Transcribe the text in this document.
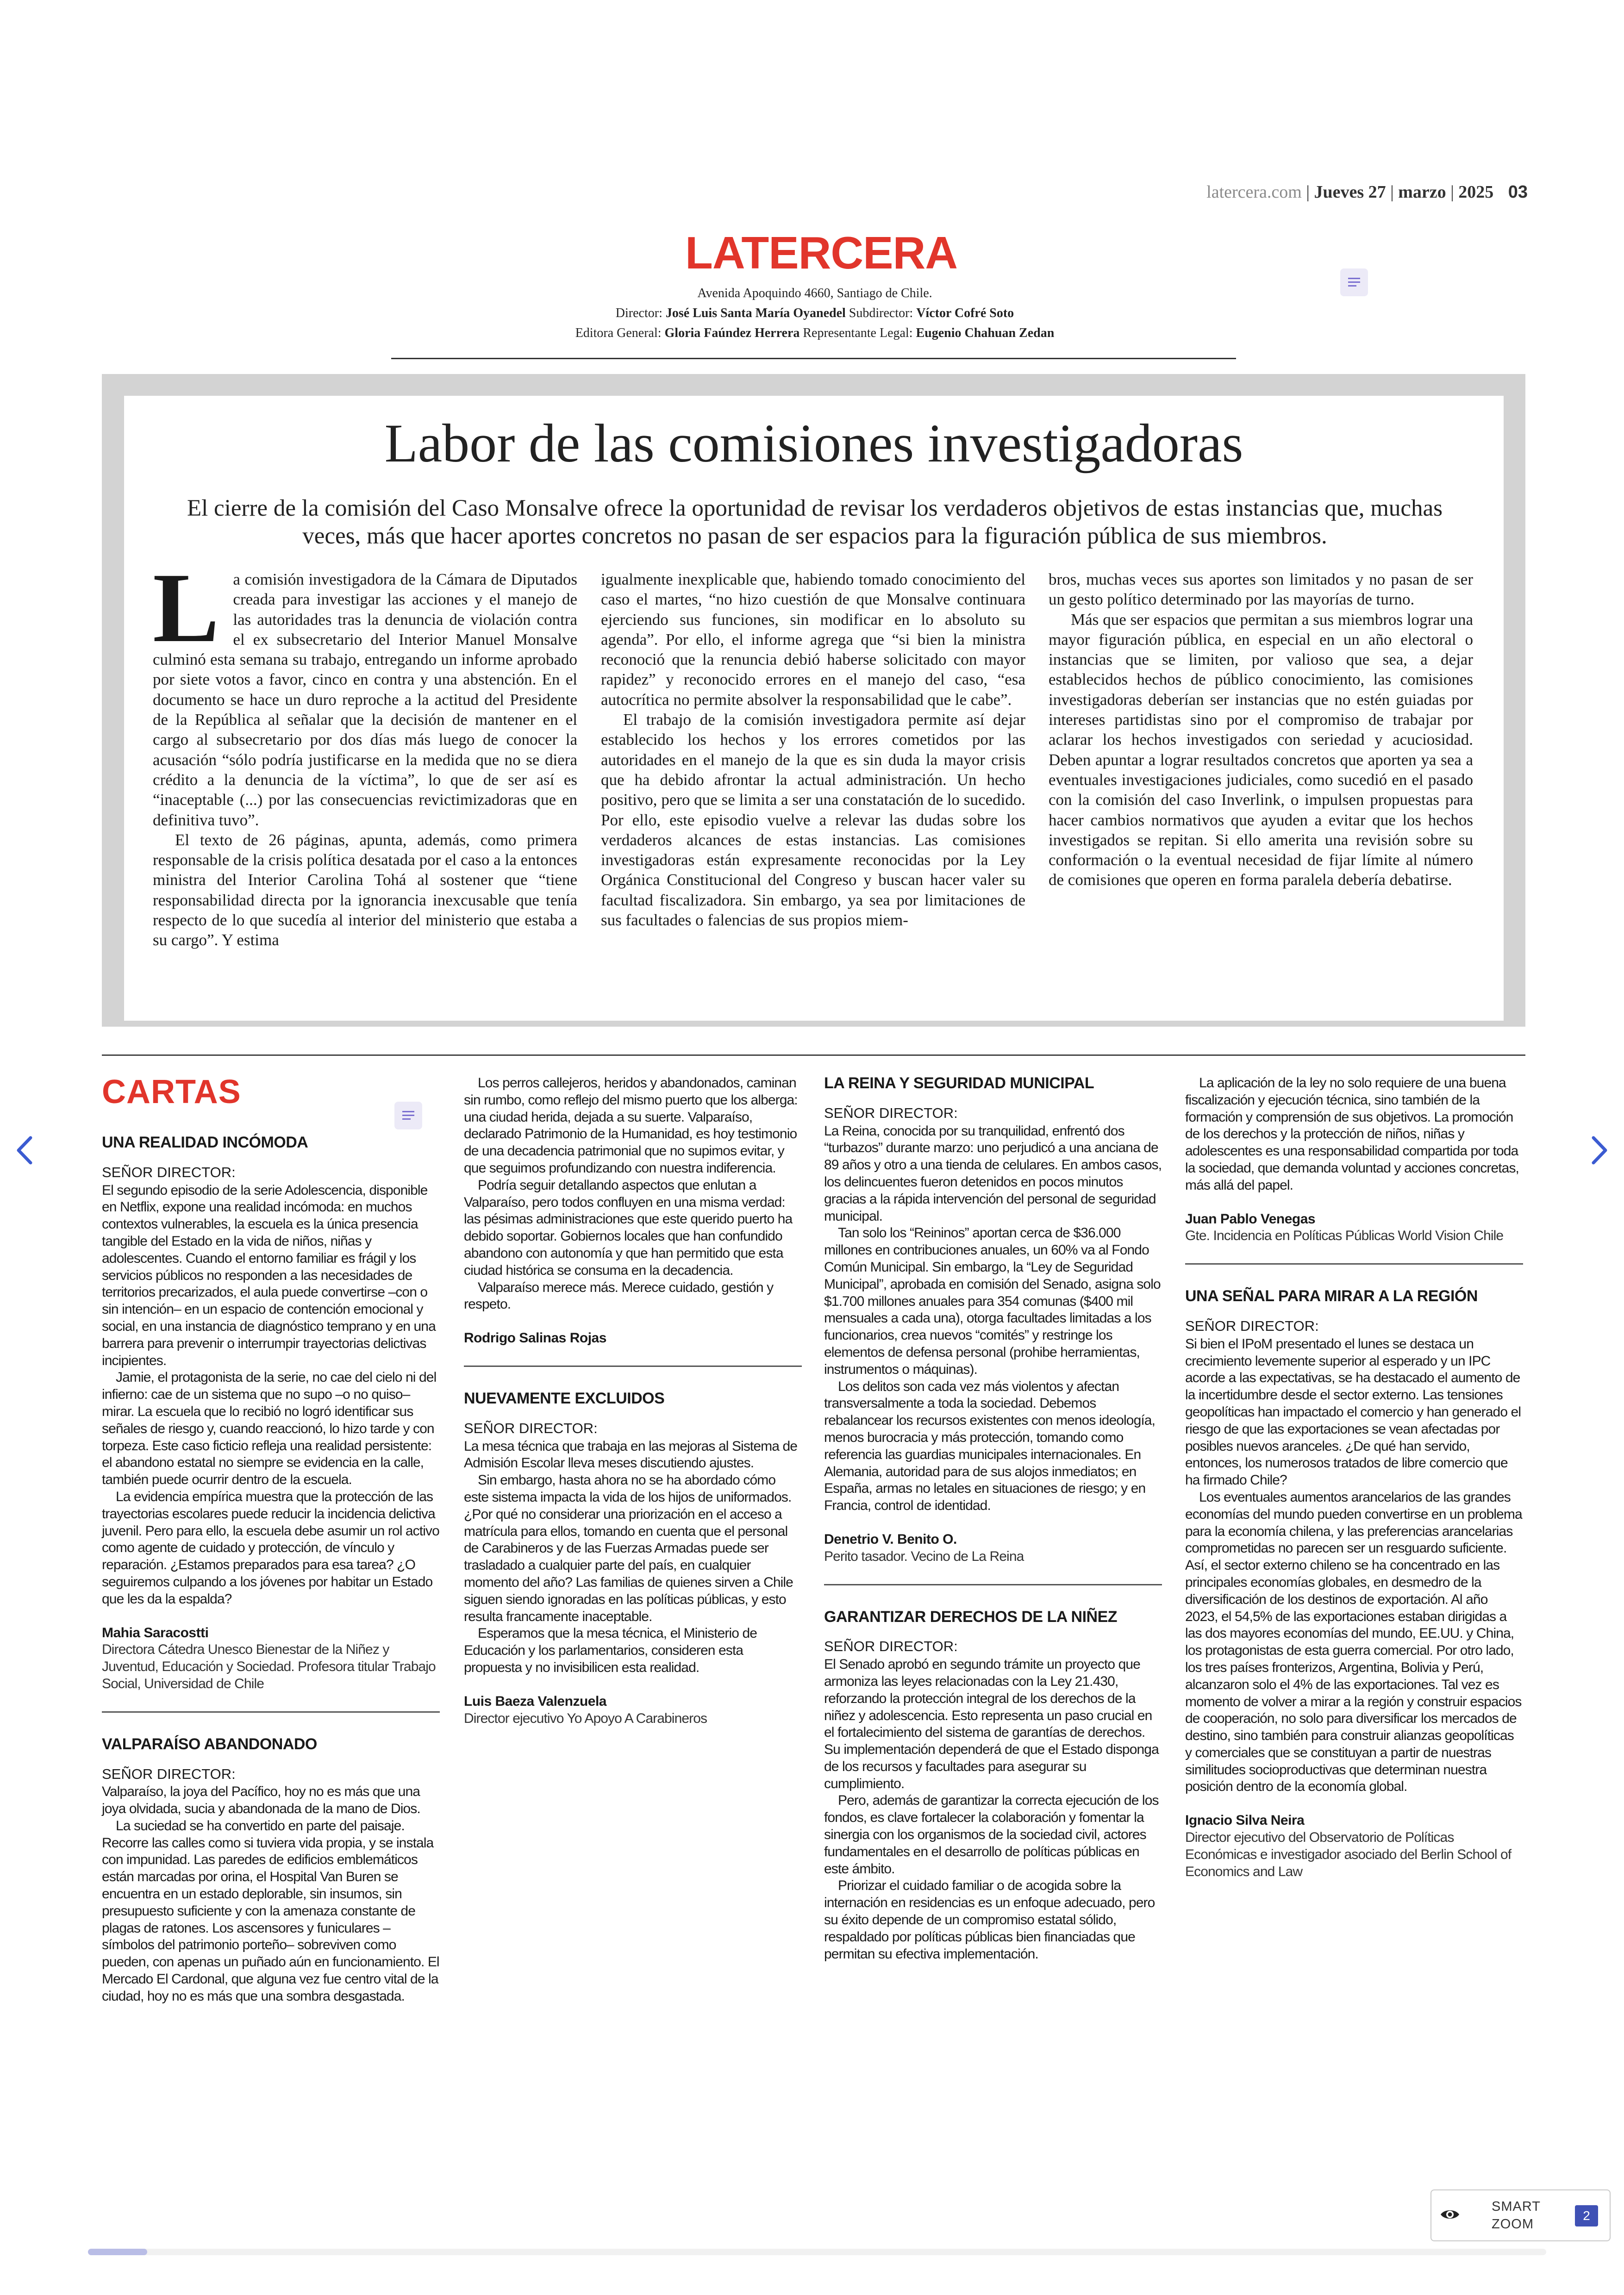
latercera.com | Jueves 27 | marzo | 2025 03
LATERCERA
Avenida Apoquindo 4660, Santiago de Chile.
Director: José Luis Santa María Oyanedel Subdirector: Víctor Cofré Soto
Editora General: Gloria Faúndez Herrera Representante Legal: Eugenio Chahuan Zedan
Labor de las comisiones investigadoras
El cierre de la comisión del Caso Monsalve ofrece la oportunidad de revisar los verdaderos objetivos de estas instancias que, muchas veces, más que hacer aportes concretos no pasan de ser espacios para la figuración pública de sus miembros.

La comisión investigadora de la Cámara de Diputados creada para investigar las acciones y el manejo de las autoridades tras la denuncia de violación contra el ex subsecretario del Interior Manuel Monsalve culminó esta semana su trabajo, entregando un informe aprobado por siete votos a favor, cinco en contra y una abstención. En el documento se hace un duro reproche a la actitud del Presidente de la República al señalar que la decisión de mantener en el cargo al subsecretario por dos días más luego de conocer la acusación “sólo podría justificarse en la medida que no se diera crédito a la denuncia de la víctima”, lo que de ser así es “inaceptable (...) por las consecuencias revictimizadoras que en definitiva tuvo”.

El texto de 26 páginas, apunta, además, como primera responsable de la crisis política desatada por el caso a la entonces ministra del Interior Carolina Tohá al sostener que “tiene responsabilidad directa por la ignorancia inexcusable que tenía respecto de lo que sucedía al interior del ministerio que estaba a su cargo”. Y estima

igualmente inexplicable que, habiendo tomado conocimiento del caso el martes, “no hizo cuestión de que Monsalve continuara ejerciendo sus funciones, sin modificar en lo absoluto su agenda”. Por ello, el informe agrega que “si bien la ministra reconoció que la renuncia debió haberse solicitado con mayor rapidez” y reconocido errores en el manejo del caso, “esa autocrítica no permite absolver la responsabilidad que le cabe”.

El trabajo de la comisión investigadora permite así dejar establecido los hechos y los errores cometidos por las autoridades en el manejo de la que es sin duda la mayor crisis que ha debido afrontar la actual administración. Un hecho positivo, pero que se limita a ser una constatación de lo sucedido. Por ello, este episodio vuelve a relevar las dudas sobre los verdaderos alcances de estas instancias. Las comisiones investigadoras están expresamente reconocidas por la Ley Orgánica Constitucional del Congreso y buscan hacer valer su facultad fiscalizadora. Sin embargo, ya sea por limitaciones de sus facultades o falencias de sus propios miem-

bros, muchas veces sus aportes son limitados y no pasan de ser un gesto político determinado por las mayorías de turno.

Más que ser espacios que permitan a sus miembros lograr una mayor figuración pública, en especial en un año electoral o instancias que se limiten, por valioso que sea, a dejar establecidos hechos de público conocimiento, las comisiones investigadoras deberían ser instancias que no estén guiadas por intereses partidistas sino por el compromiso de trabajar por aclarar los hechos investigados con seriedad y acuciosidad. Deben apuntar a lograr resultados concretos que aporten ya sea a eventuales investigaciones judiciales, como sucedió en el pasado con la comisión del caso Inverlink, o impulsen propuestas para hacer cambios normativos que ayuden a evitar que los hechos investigados se repitan. Si ello amerita una revisión sobre su conformación o la eventual necesidad de fijar límite al número de comisiones que operen en forma paralela debería debatirse.

CARTAS
UNA REALIDAD INCÓMODA
SEÑOR DIRECTOR:

El segundo episodio de la serie Adolescencia, disponible en Netflix, expone una realidad incómoda: en muchos contextos vulnerables, la escuela es la única presencia tangible del Estado en la vida de niños, niñas y adolescentes. Cuando el entorno familiar es frágil y los servicios públicos no responden a las necesidades de territorios precarizados, el aula puede convertirse –con o sin intención– en un espacio de contención emocional y social, en una instancia de diagnóstico temprano y en una barrera para prevenir o interrumpir trayectorias delictivas incipientes.

Jamie, el protagonista de la serie, no cae del cielo ni del infierno: cae de un sistema que no supo –o no quiso– mirar. La escuela que lo recibió no logró identificar sus señales de riesgo y, cuando reaccionó, lo hizo tarde y con torpeza. Este caso ficticio refleja una realidad persistente: el abandono estatal no siempre se evidencia en la calle, también puede ocurrir dentro de la escuela.

La evidencia empírica muestra que la protección de las trayectorias escolares puede reducir la incidencia delictiva juvenil. Pero para ello, la escuela debe asumir un rol activo como agente de cuidado y protección, de vínculo y reparación. ¿Estamos preparados para esa tarea? ¿O seguiremos culpando a los jóvenes por habitar un Estado que les da la espalda?

Mahia Saracostti
Directora Cátedra Unesco Bienestar de la Niñez y Juventud, Educación y Sociedad. Profesora titular Trabajo Social, Universidad de Chile
VALPARAÍSO ABANDONADO
SEÑOR DIRECTOR:

Valparaíso, la joya del Pacífico, hoy no es más que una joya olvidada, sucia y abandonada de la mano de Dios.

La suciedad se ha convertido en parte del paisaje. Recorre las calles como si tuviera vida propia, y se instala con impunidad. Las paredes de edificios emblemáticos están marcadas por orina, el Hospital Van Buren se encuentra en un estado deplorable, sin insumos, sin presupuesto suficiente y con la amenaza constante de plagas de ratones. Los ascensores y funiculares –símbolos del patrimonio porteño– sobreviven como pueden, con apenas un puñado aún en funcionamiento. El Mercado El Cardonal, que alguna vez fue centro vital de la ciudad, hoy no es más que una sombra desgastada.

Los perros callejeros, heridos y abandonados, caminan sin rumbo, como reflejo del mismo puerto que los alberga: una ciudad herida, dejada a su suerte. Valparaíso, declarado Patrimonio de la Humanidad, es hoy testimonio de una decadencia patrimonial que no supimos evitar, y que seguimos profundizando con nuestra indiferencia.

Podría seguir detallando aspectos que enlutan a Valparaíso, pero todos confluyen en una misma verdad: las pésimas administraciones que este querido puerto ha debido soportar. Gobiernos locales que han confundido abandono con autonomía y que han permitido que esta ciudad histórica se consuma en la decadencia.

Valparaíso merece más. Merece cuidado, gestión y respeto.

Rodrigo Salinas Rojas
NUEVAMENTE EXCLUIDOS
SEÑOR DIRECTOR:

La mesa técnica que trabaja en las mejoras al Sistema de Admisión Escolar lleva meses discutiendo ajustes.

Sin embargo, hasta ahora no se ha abordado cómo este sistema impacta la vida de los hijos de uniformados. ¿Por qué no considerar una priorización en el acceso a matrícula para ellos, tomando en cuenta que el personal de Carabineros y de las Fuerzas Armadas puede ser trasladado a cualquier parte del país, en cualquier momento del año? Las familias de quienes sirven a Chile siguen siendo ignoradas en las políticas públicas, y esto resulta francamente inaceptable.

Esperamos que la mesa técnica, el Ministerio de Educación y los parlamentarios, consideren esta propuesta y no invisibilicen esta realidad.

Luis Baeza Valenzuela
Director ejecutivo Yo Apoyo A Carabineros
LA REINA Y SEGURIDAD MUNICIPAL
SEÑOR DIRECTOR:

La Reina, conocida por su tranquilidad, enfrentó dos “turbazos” durante marzo: uno perjudicó a una anciana de 89 años y otro a una tienda de celulares. En ambos casos, los delincuentes fueron detenidos en pocos minutos gracias a la rápida intervención del personal de seguridad municipal.

Tan solo los “Reininos” aportan cerca de $36.000 millones en contribuciones anuales, un 60% va al Fondo Común Municipal. Sin embargo, la “Ley de Seguridad Municipal”, aprobada en comisión del Senado, asigna solo $1.700 millones anuales para 354 comunas ($400 mil mensuales a cada una), otorga facultades limitadas a los funcionarios, crea nuevos “comités” y restringe los elementos de defensa personal (prohibe herramientas, instrumentos o máquinas).

Los delitos son cada vez más violentos y afectan transversalmente a toda la sociedad. Debemos rebalancear los recursos existentes con menos ideología, menos burocracia y más protección, tomando como referencia las guardias municipales internacionales. En Alemania, autoridad para de sus alojos inmediatos; en España, armas no letales en situaciones de riesgo; y en Francia, control de identidad.

Denetrio V. Benito O.
Perito tasador. Vecino de La Reina
GARANTIZAR DERECHOS DE LA NIÑEZ
SEÑOR DIRECTOR:

El Senado aprobó en segundo trámite un proyecto que armoniza las leyes relacionadas con la Ley 21.430, reforzando la protección integral de los derechos de la niñez y adolescencia. Esto representa un paso crucial en el fortalecimiento del sistema de garantías de derechos. Su implementación dependerá de que el Estado disponga de los recursos y facultades para asegurar su cumplimiento.

Pero, además de garantizar la correcta ejecución de los fondos, es clave fortalecer la colaboración y fomentar la sinergia con los organismos de la sociedad civil, actores fundamentales en el desarrollo de políticas públicas en este ámbito.

Priorizar el cuidado familiar o de acogida sobre la internación en residencias es un enfoque adecuado, pero su éxito depende de un compromiso estatal sólido, respaldado por políticas públicas bien financiadas que permitan su efectiva implementación.

La aplicación de la ley no solo requiere de una buena fiscalización y ejecución técnica, sino también de la formación y comprensión de sus objetivos. La promoción de los derechos y la protección de niños, niñas y adolescentes es una responsabilidad compartida por toda la sociedad, que demanda voluntad y acciones concretas, más allá del papel.

Juan Pablo Venegas
Gte. Incidencia en Políticas Públicas World Vision Chile
UNA SEÑAL PARA MIRAR A LA REGIÓN
SEÑOR DIRECTOR:

Si bien el IPoM presentado el lunes se destaca un crecimiento levemente superior al esperado y un IPC acorde a las expectativas, se ha destacado el aumento de la incertidumbre desde el sector externo. Las tensiones geopolíticas han impactado el comercio y han generado el riesgo de que las exportaciones se vean afectadas por posibles nuevos aranceles. ¿De qué han servido, entonces, los numerosos tratados de libre comercio que ha firmado Chile?

Los eventuales aumentos arancelarios de las grandes economías del mundo pueden convertirse en un problema para la economía chilena, y las preferencias arancelarias comprometidas no parecen ser un resguardo suficiente. Así, el sector externo chileno se ha concentrado en las principales economías globales, en desmedro de la diversificación de los destinos de exportación. Al año 2023, el 54,5% de las exportaciones estaban dirigidas a las dos mayores economías del mundo, EE.UU. y China, los protagonistas de esta guerra comercial. Por otro lado, los tres países fronterizos, Argentina, Bolivia y Perú, alcanzaron solo el 4% de las exportaciones. Tal vez es momento de volver a mirar a la región y construir espacios de cooperación, no solo para diversificar los mercados de destino, sino también para construir alianzas geopolíticas y comerciales que se constituyan a partir de nuestras similitudes socioproductivas que determinan nuestra posición dentro de la economía global.

Ignacio Silva Neira
Director ejecutivo del Observatorio de Políticas Económicas e investigador asociado del Berlin School of Economics and Law
SMART
ZOOM
2
